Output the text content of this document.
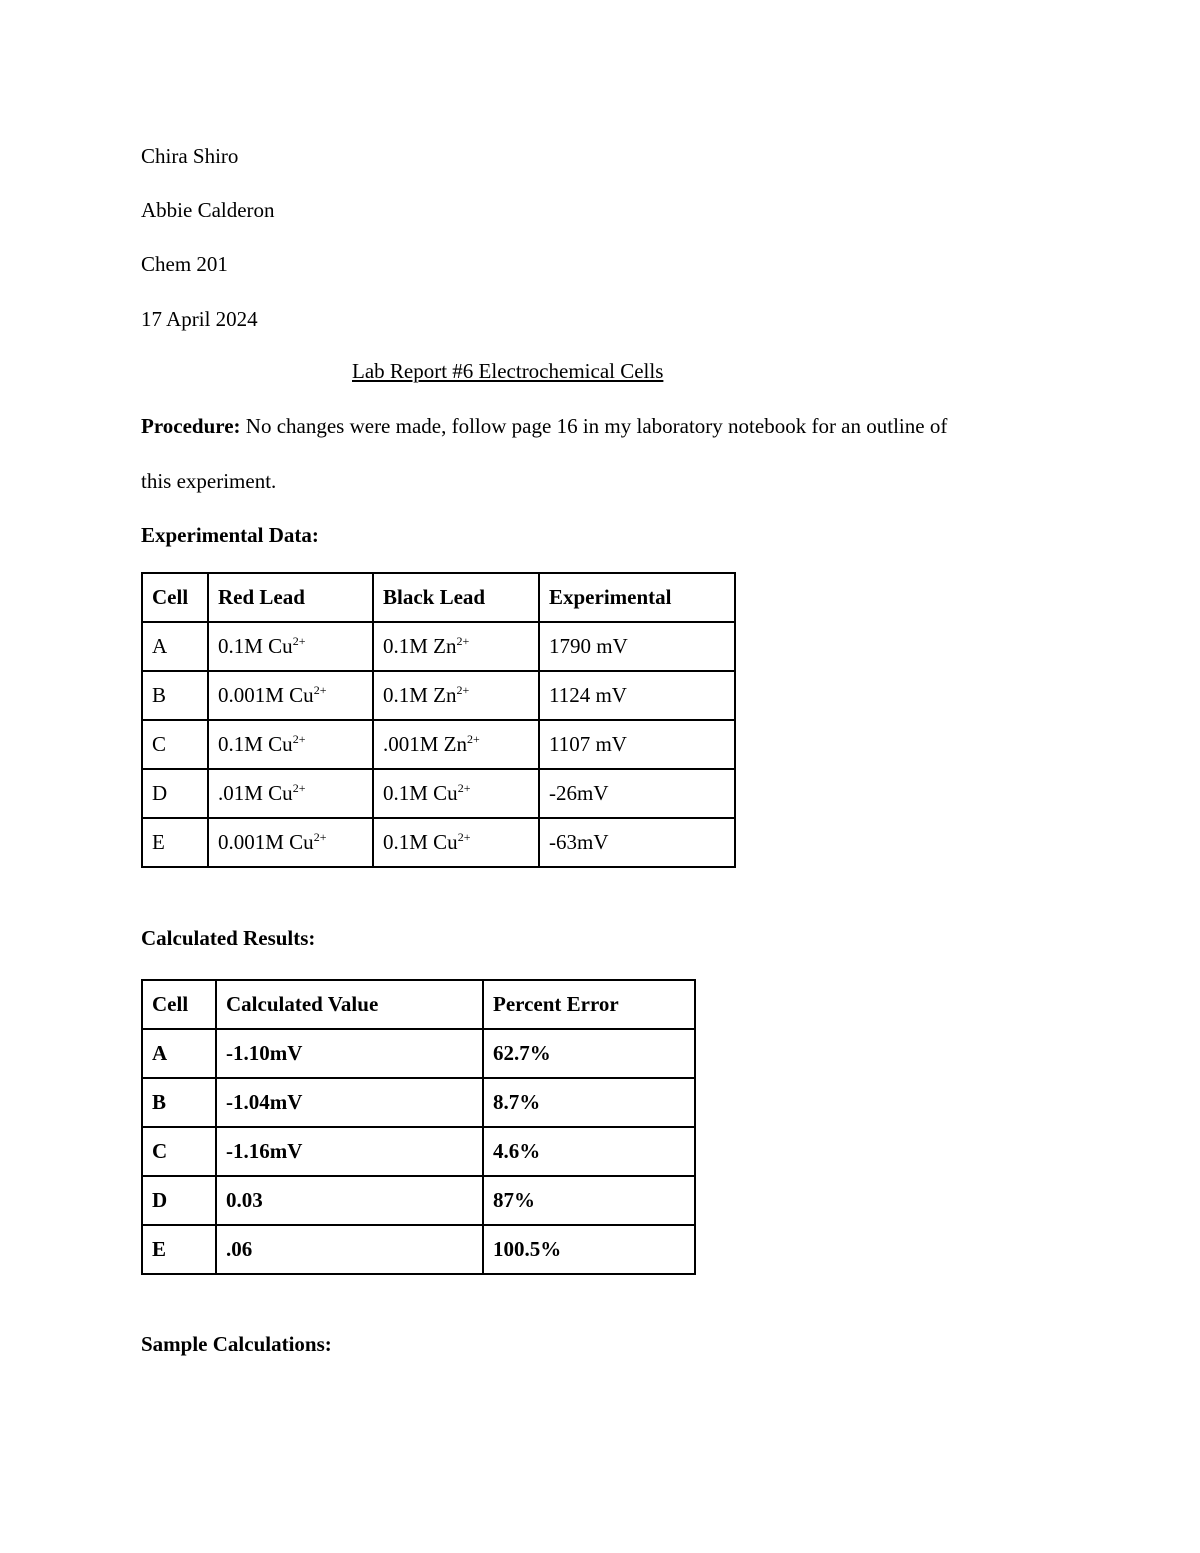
Chira Shiro
Abbie Calderon
Chem 201
17 April 2024
Lab Report #6 Electrochemical Cells
Procedure: No changes were made, follow page 16 in my laboratory notebook for an outline of
this experiment.
Experimental Data:
Cell	Red Lead	Black Lead	Experimental
A	0.1M $Cu^{2+}$	0.1M $Zn^{2+}$	1790 mV
B	0.001M $Cu^{2+}$	0.1M $Zn^{2+}$	1124 mV
C	0.1M $Cu^{2+}$	.001M $Zn^{2+}$	1107 mV
D	.01M $Cu^{2+}$	0.1M $Cu^{2+}$	-26mV
E	0.001M $Cu^{2+}$	0.1M $Cu^{2+}$	-63mV
Calculated Results:
Cell	Calculated Value	Percent Error
A	-1.10mV	62.7%
B	-1.04mV	8.7%
C	-1.16mV	4.6%
D	0.03	87%
E	.06	100.5%
Sample Calculations:
